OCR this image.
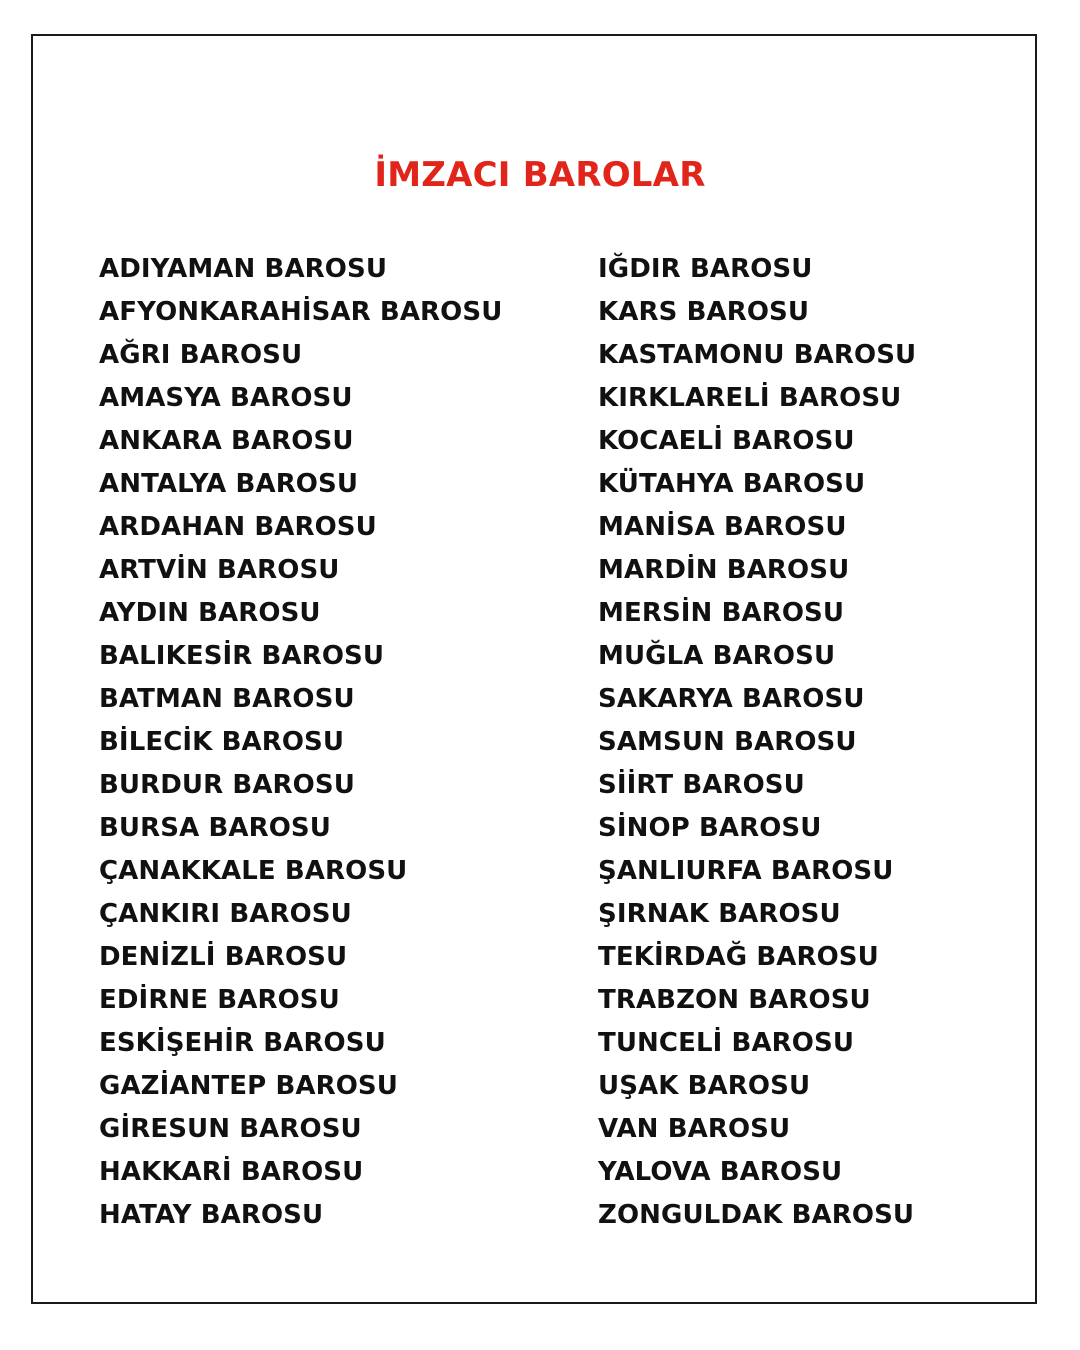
İMZACI BAROLAR
ADIYAMAN BAROSU
AFYONKARAHİSAR BAROSU
AĞRI BAROSU
AMASYA BAROSU
ANKARA BAROSU
ANTALYA BAROSU
ARDAHAN BAROSU
ARTVİN BAROSU
AYDIN BAROSU
BALIKESİR BAROSU
BATMAN BAROSU
BİLECİK BAROSU
BURDUR BAROSU
BURSA BAROSU
ÇANAKKALE BAROSU
ÇANKIRI BAROSU
DENİZLİ BAROSU
EDİRNE BAROSU
ESKİŞEHİR BAROSU
GAZİANTEP BAROSU
GİRESUN BAROSU
HAKKARİ BAROSU
HATAY BAROSU
IĞDIR BAROSU
KARS BAROSU
KASTAMONU BAROSU
KIRKLARELİ BAROSU
KOCAELİ BAROSU
KÜTAHYA BAROSU
MANİSA BAROSU
MARDİN BAROSU
MERSİN BAROSU
MUĞLA BAROSU
SAKARYA BAROSU
SAMSUN BAROSU
SİİRT BAROSU
SİNOP BAROSU
ŞANLIURFA BAROSU
ŞIRNAK BAROSU
TEKİRDAĞ BAROSU
TRABZON BAROSU
TUNCELİ BAROSU
UŞAK BAROSU
VAN BAROSU
YALOVA BAROSU
ZONGULDAK BAROSU
